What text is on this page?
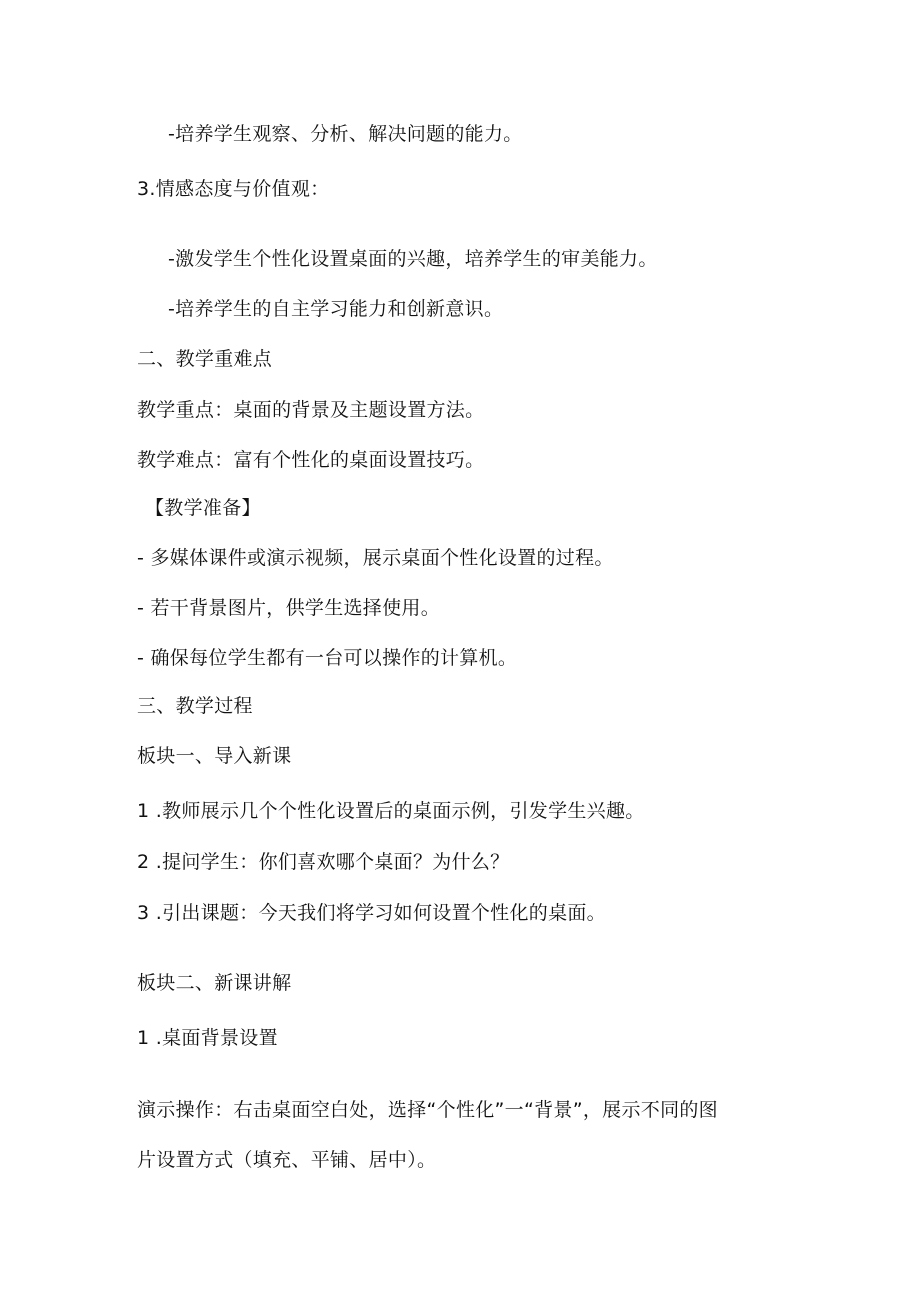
-培养学生观察、分析、解决问题的能力。
3.情感态度与价值观：
-激发学生个性化设置桌面的兴趣，培养学生的审美能力。
-培养学生的自主学习能力和创新意识。
二、教学重难点
教学重点：桌面的背景及主题设置方法。
教学难点：富有个性化的桌面设置技巧。
【教学准备】
- 多媒体课件或演示视频，展示桌面个性化设置的过程。
- 若干背景图片，供学生选择使用。
- 确保每位学生都有一台可以操作的计算机。
三、教学过程
板块一、导入新课
1 .教师展示几个个性化设置后的桌面示例，引发学生兴趣。
2 .提问学生：你们喜欢哪个桌面？为什么？
3 .引出课题：今天我们将学习如何设置个性化的桌面。
板块二、新课讲解
1 .桌面背景设置
演示操作：右击桌面空白处，选择“个性化”一“背景”，展示不同的图
片设置方式（填充、平铺、居中）。
